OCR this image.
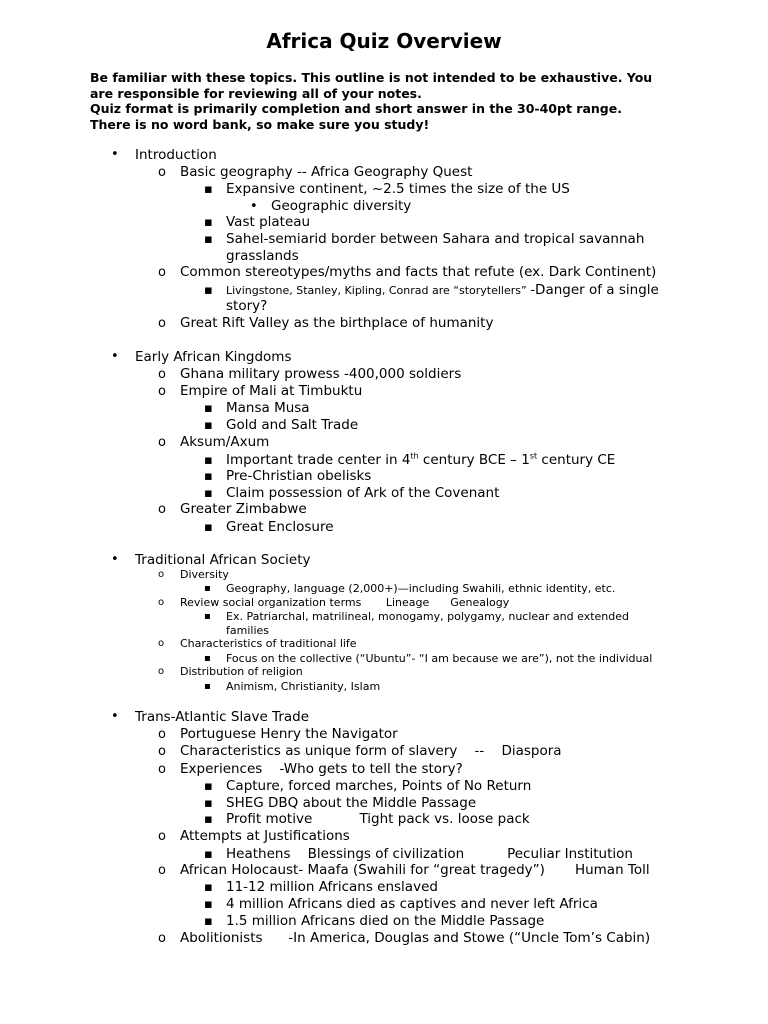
Africa Quiz Overview
Be familiar with these topics. This outline is not intended to be exhaustive. You
are responsible for reviewing all of your notes.
Quiz format is primarily completion and short answer in the 30-40pt range.
There is no word bank, so make sure you study!
• Introduction
o Basic geography -- Africa Geography Quest
▪ Expansive continent, ~2.5 times the size of the US
• Geographic diversity
▪ Vast plateau
▪ Sahel-semiarid border between Sahara and tropical savannah
grasslands
o Common stereotypes/myths and facts that refute (ex. Dark Continent)
▪ Livingstone, Stanley, Kipling, Conrad are “storytellers” -Danger of a single
story?
o Great Rift Valley as the birthplace of humanity
• Early African Kingdoms
o Ghana military prowess -400,000 soldiers
o Empire of Mali at Timbuktu
▪ Mansa Musa
▪ Gold and Salt Trade
o Aksum/Axum
▪ Important trade center in 4th century BCE – 1st century CE
▪ Pre-Christian obelisks
▪ Claim possession of Ark of the Covenant
o Greater Zimbabwe
▪ Great Enclosure
• Traditional African Society
o Diversity
▪ Geography, language (2,000+)—including Swahili, ethnic identity, etc.
o Review social organization terms       Lineage      Genealogy
▪ Ex. Patriarchal, matrilineal, monogamy, polygamy, nuclear and extended
families
o Characteristics of traditional life
▪ Focus on the collective (“Ubuntu”- “I am because we are”), not the individual
o Distribution of religion
▪ Animism, Christianity, Islam
• Trans-Atlantic Slave Trade
o Portuguese Henry the Navigator
o Characteristics as unique form of slavery    --    Diaspora
o Experiences    -Who gets to tell the story?
▪ Capture, forced marches, Points of No Return
▪ SHEG DBQ about the Middle Passage
▪ Profit motive           Tight pack vs. loose pack
o Attempts at Justifications
▪ Heathens    Blessings of civilization          Peculiar Institution
o African Holocaust- Maafa (Swahili for “great tragedy”)       Human Toll
▪ 11-12 million Africans enslaved
▪ 4 million Africans died as captives and never left Africa
▪ 1.5 million Africans died on the Middle Passage
o Abolitionists      -In America, Douglas and Stowe (“Uncle Tom’s Cabin)
